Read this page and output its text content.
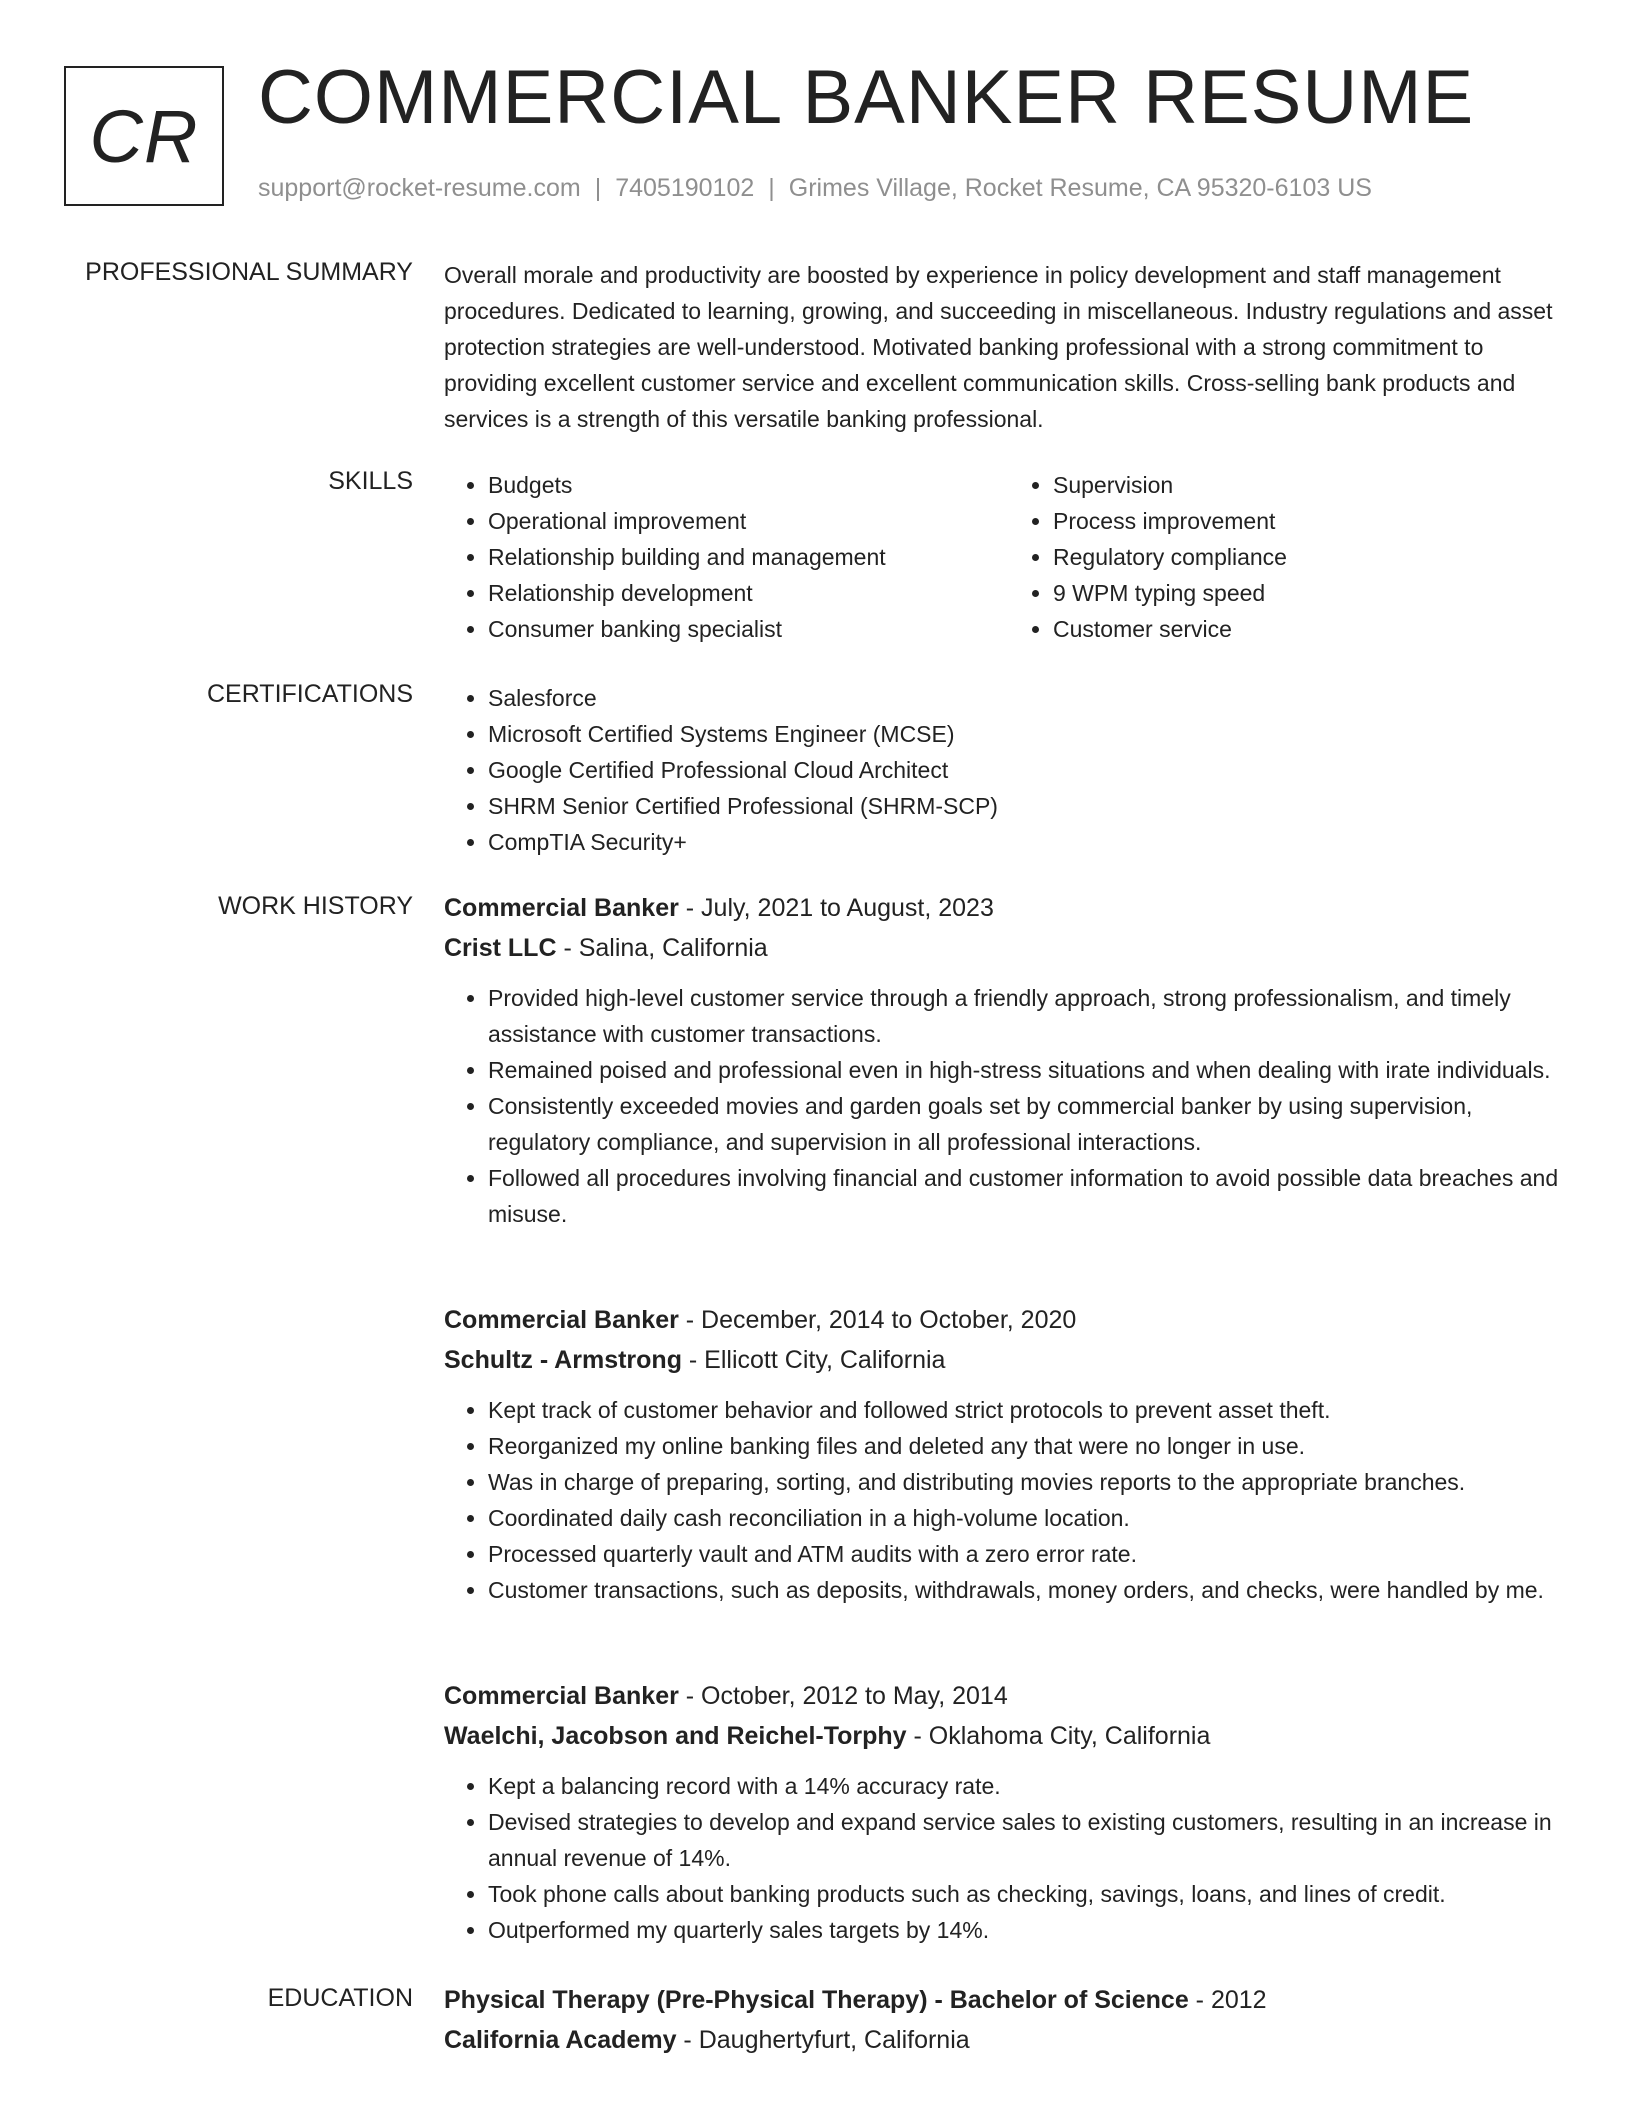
CR COMMERCIAL BANKER RESUME
support@rocket-resume.com | 7405190102 | Grimes Village, Rocket Resume, CA 95320-6103 US
PROFESSIONAL SUMMARY Overall morale and productivity are boosted by experience in policy development and staff management procedures. Dedicated to learning, growing, and succeeding in miscellaneous. Industry regulations and asset protection strategies are well-understood. Motivated banking professional with a strong commitment to providing excellent customer service and excellent communication skills. Cross-selling bank products and services is a strength of this versatile banking professional.
SKILLS	• Budgets
• Operational improvement
• Relationship building and management
• Relationship development
• Consumer banking specialist
• Supervision
• Process improvement
• Regulatory compliance
• 9 WPM typing speed
• Customer service
CERTIFICATIONS	• Salesforce
• Microsoft Certified Systems Engineer (MCSE)
• Google Certified Professional Cloud Architect
• SHRM Senior Certified Professional (SHRM-SCP)
• CompTIA Security+
WORK HISTORY Commercial Banker - July, 2021 to August, 2023
Crist LLC - Salina, California
• Provided high-level customer service through a friendly approach, strong professionalism, and timely assistance with customer transactions.
• Remained poised and professional even in high-stress situations and when dealing with irate individuals.
• Consistently exceeded movies and garden goals set by commercial banker by using supervision, regulatory compliance, and supervision in all professional interactions.
• Followed all procedures involving financial and customer information to avoid possible data breaches and misuse.
Commercial Banker - December, 2014 to October, 2020
Schultz - Armstrong - Ellicott City, California
• Kept track of customer behavior and followed strict protocols to prevent asset theft.
• Reorganized my online banking files and deleted any that were no longer in use.
• Was in charge of preparing, sorting, and distributing movies reports to the appropriate branches.
• Coordinated daily cash reconciliation in a high-volume location.
• Processed quarterly vault and ATM audits with a zero error rate.
• Customer transactions, such as deposits, withdrawals, money orders, and checks, were handled by me.
Commercial Banker - October, 2012 to May, 2014
Waelchi, Jacobson and Reichel-Torphy - Oklahoma City, California
• Kept a balancing record with a 14% accuracy rate.
• Devised strategies to develop and expand service sales to existing customers, resulting in an increase in annual revenue of 14%.
• Took phone calls about banking products such as checking, savings, loans, and lines of credit.
• Outperformed my quarterly sales targets by 14%.
EDUCATION Physical Therapy (Pre-Physical Therapy) - Bachelor of Science - 2012
California Academy - Daughertyfurt, California
